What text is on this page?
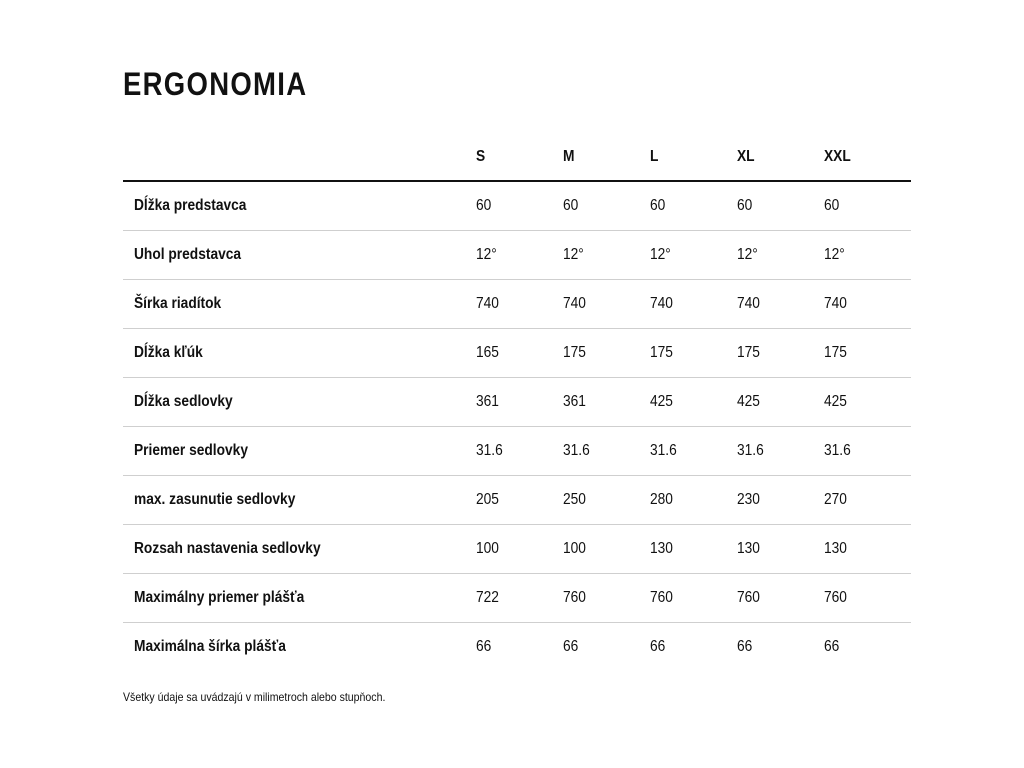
ERGONOMIA
	S	M	L	XL	XXL
Dĺžka predstavca	60	60	60	60	60
Uhol predstavca	12°	12°	12°	12°	12°
Šírka riadítok	740	740	740	740	740
Dĺžka kľúk	165	175	175	175	175
Dĺžka sedlovky	361	361	425	425	425
Priemer sedlovky	31.6	31.6	31.6	31.6	31.6
max. zasunutie sedlovky	205	250	280	230	270
Rozsah nastavenia sedlovky	100	100	130	130	130
Maximálny priemer plášťa	722	760	760	760	760
Maximálna šírka plášťa	66	66	66	66	66

Všetky údaje sa uvádzajú v milimetroch alebo stupňoch.
